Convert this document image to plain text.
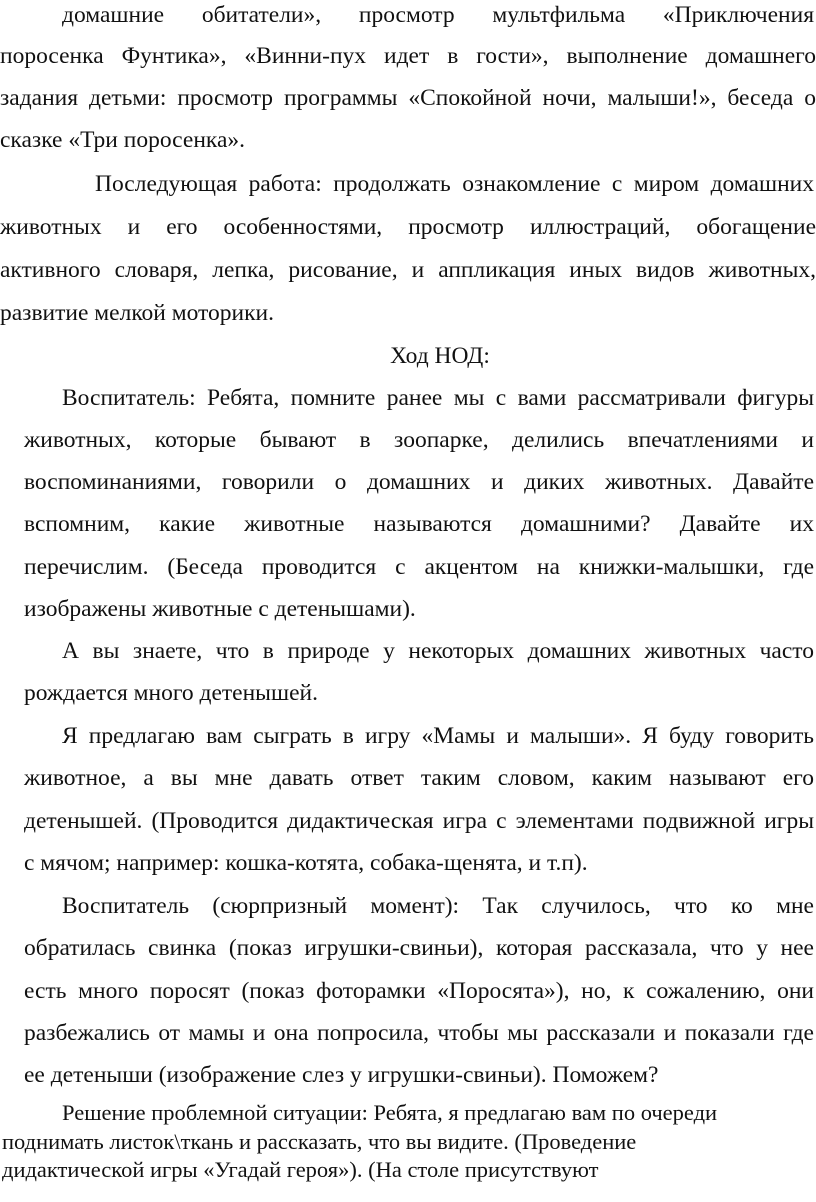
домашние обитатели», просмотр мультфильма «Приключения
поросенка Фунтика», «Винни-пух идет в гости», выполнение домашнего
задания детьми: просмотр программы «Спокойной ночи, малыши!», беседа о
сказке «Три поросенка».
Последующая работа: продолжать ознакомление с миром домашних
животных и его особенностями, просмотр иллюстраций, обогащение
активного словаря, лепка, рисование, и аппликация иных видов животных,
развитие мелкой моторики.
Ход НОД:
Воспитатель: Ребята, помните ранее мы с вами рассматривали фигуры
животных, которые бывают в зоопарке, делились впечатлениями и
воспоминаниями, говорили о домашних и диких животных. Давайте
вспомним, какие животные называются домашними? Давайте их
перечислим. (Беседа проводится с акцентом на книжки-малышки, где
изображены животные с детенышами).
А вы знаете, что в природе у некоторых домашних животных часто
рождается много детенышей.
Я предлагаю вам сыграть в игру «Мамы и малыши». Я буду говорить
животное, а вы мне давать ответ таким словом, каким называют его
детенышей. (Проводится дидактическая игра с элементами подвижной игры
с мячом; например: кошка-котята, собака-щенята, и т.п).
Воспитатель (сюрпризный момент): Так случилось, что ко мне
обратилась свинка (показ игрушки-свиньи), которая рассказала, что у нее
есть много поросят (показ фоторамки «Поросята»), но, к сожалению, они
разбежались от мамы и она попросила, чтобы мы рассказали и показали где
ее детеныши (изображение слез у игрушки-свиньи). Поможем?
Решение проблемной ситуации: Ребята, я предлагаю вам по очереди
поднимать листок\ткань и рассказать, что вы видите. (Проведение
дидактической игры «Угадай героя»). (На столе присутствуют
